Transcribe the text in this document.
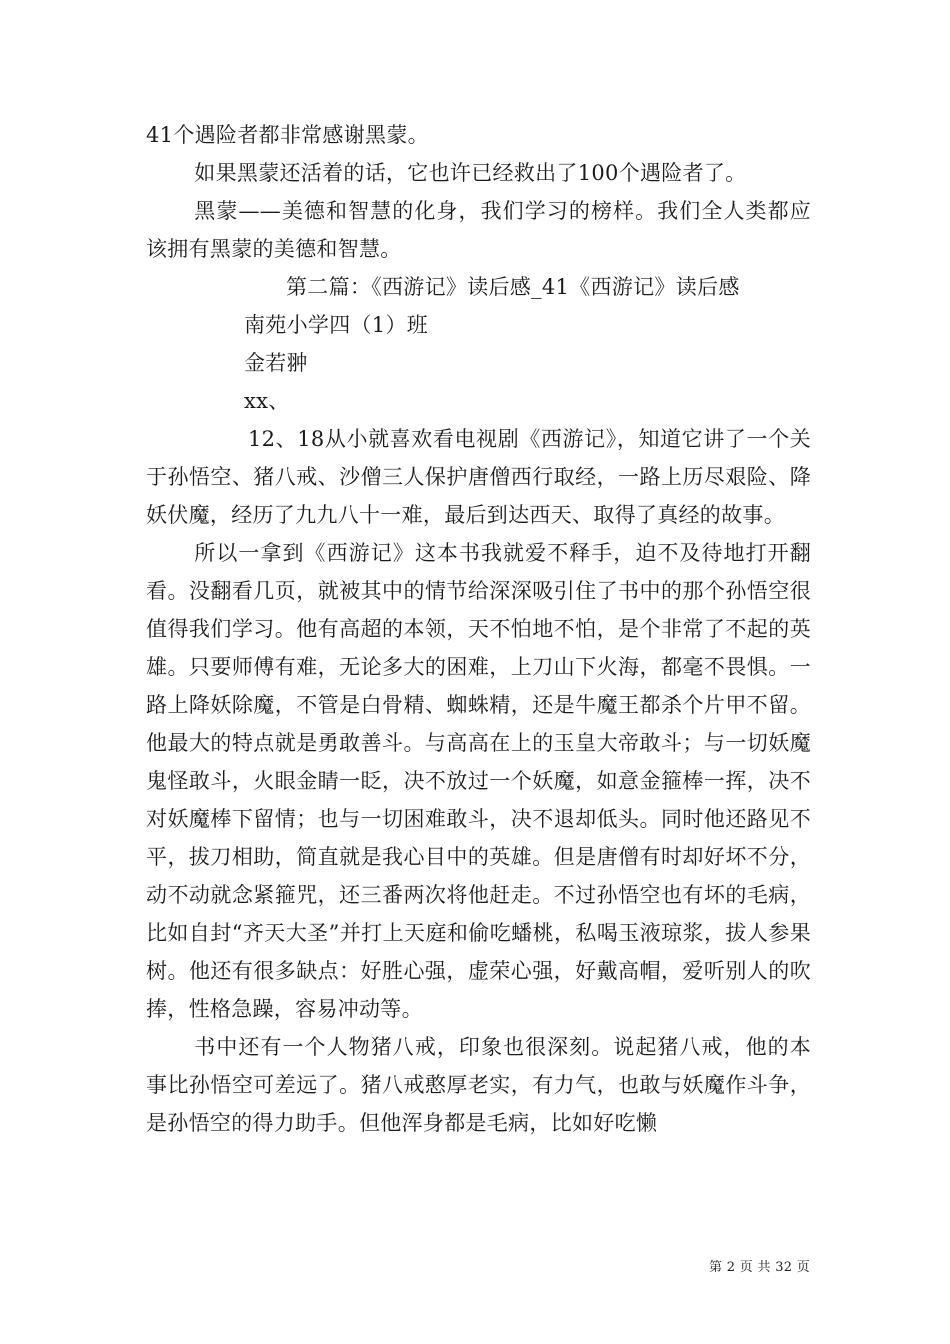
41个遇险者都非常感谢黑蒙。

如果黑蒙还活着的话，它也许已经救出了100个遇险者了。

黑蒙——美德和智慧的化身，我们学习的榜样。我们全人类都应该拥有黑蒙的美德和智慧。

第二篇：《西游记》读后感_41《西游记》读后感

南苑小学四（1）班

金若翀

xx、

12、18从小就喜欢看电视剧《西游记》，知道它讲了一个关于孙悟空、猪八戒、沙僧三人保护唐僧西行取经，一路上历尽艰险、降妖伏魔，经历了九九八十一难，最后到达西天、取得了真经的故事。

所以一拿到《西游记》这本书我就爱不释手，迫不及待地打开翻看。没翻看几页，就被其中的情节给深深吸引住了书中的那个孙悟空很值得我们学习。他有高超的本领，天不怕地不怕，是个非常了不起的英雄。只要师傅有难，无论多大的困难，上刀山下火海，都毫不畏惧。一路上降妖除魔，不管是白骨精、蜘蛛精，还是牛魔王都杀个片甲不留。他最大的特点就是勇敢善斗。与高高在上的玉皇大帝敢斗；与一切妖魔鬼怪敢斗，火眼金睛一眨，决不放过一个妖魔，如意金箍棒一挥，决不对妖魔棒下留情；也与一切困难敢斗，决不退却低头。同时他还路见不平，拔刀相助，简直就是我心目中的英雄。但是唐僧有时却好坏不分，动不动就念紧箍咒，还三番两次将他赶走。不过孙悟空也有坏的毛病，比如自封“齐天大圣”并打上天庭和偷吃蟠桃，私喝玉液琼浆，拔人参果树。他还有很多缺点：好胜心强，虚荣心强，好戴高帽，爱听别人的吹捧，性格急躁，容易冲动等。

书中还有一个人物猪八戒，印象也很深刻。说起猪八戒，他的本事比孙悟空可差远了。猪八戒憨厚老实，有力气，也敢与妖魔作斗争，是孙悟空的得力助手。但他浑身都是毛病，比如好吃懒

第 2 页 共 32 页
